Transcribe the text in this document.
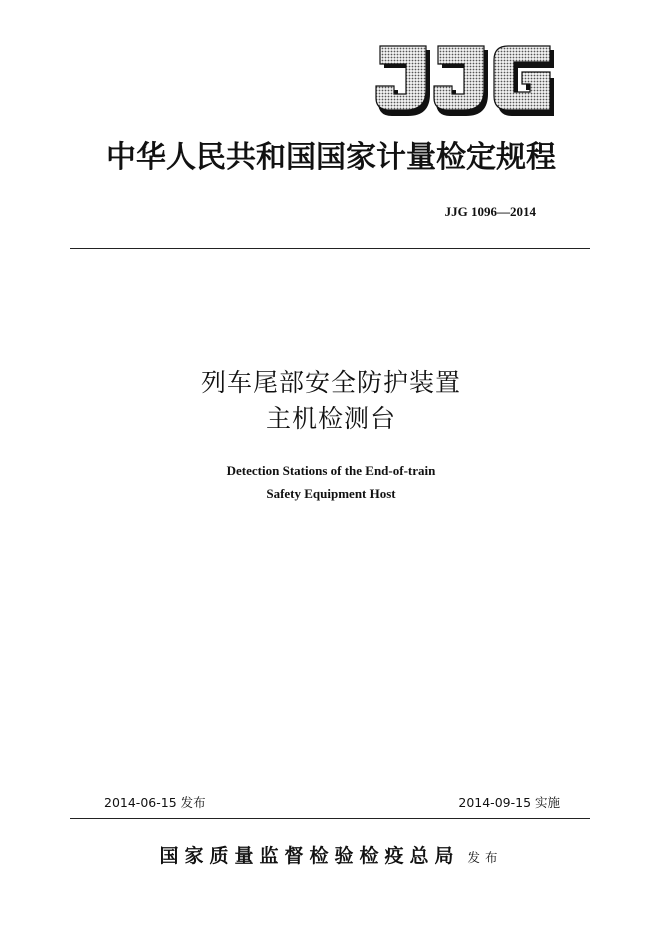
中华人民共和国国家计量检定规程
JJG 1096—2014
列车尾部安全防护装置
主机检测台
Detection Stations of the End-of-train
Safety Equipment Host
2014-06-15 发布	2014-09-15 实施
国家质量监督检验检疫总局 发布
